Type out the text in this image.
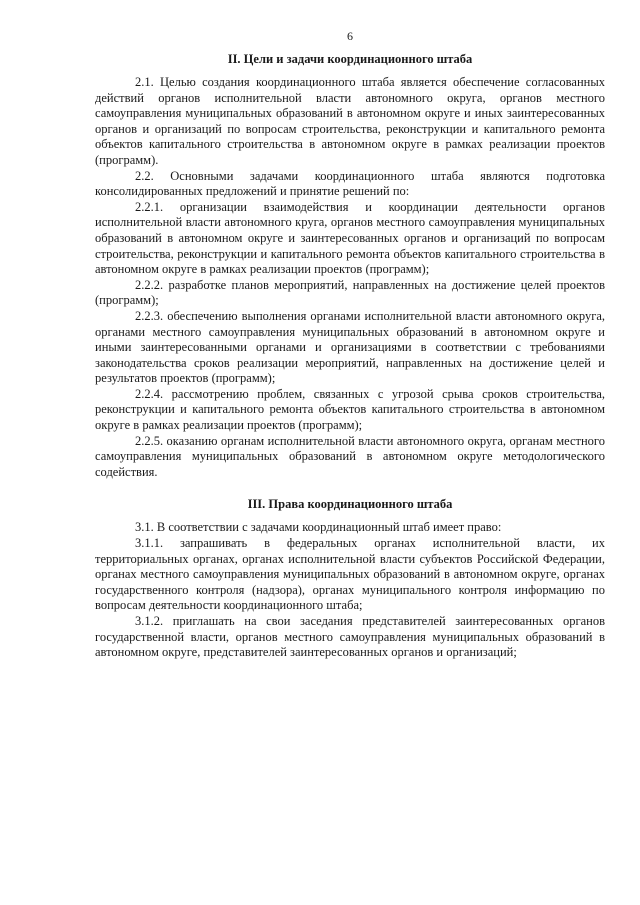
6
II. Цели и задачи координационного штаба

2.1. Целью создания координационного штаба является обеспечение согласованных действий органов исполнительной власти автономного округа, органов местного самоуправления муниципальных образований в автономном округе и иных заинтересованных органов и организаций по вопросам строительства, реконструкции и капитального ремонта объектов капитального строительства в автономном округе в рамках реализации проектов (программ).

2.2. Основными задачами координационного штаба являются подготовка консолидированных предложений и принятие решений по:

2.2.1. организации взаимодействия и координации деятельности органов исполнительной власти автономного круга, органов местного самоуправления муниципальных образований в автономном округе и заинтересованных органов и организаций по вопросам строительства, реконструкции и капитального ремонта объектов капитального строительства в автономном округе в рамках реализации проектов (программ);

2.2.2. разработке планов мероприятий, направленных на достижение целей проектов (программ);

2.2.3. обеспечению выполнения органами исполнительной власти автономного округа, органами местного самоуправления муниципальных образований в автономном округе и иными заинтересованными органами и организациями в соответствии с требованиями законодательства сроков реализации мероприятий, направленных на достижение целей и результатов проектов (программ);

2.2.4. рассмотрению проблем, связанных с угрозой срыва сроков строительства, реконструкции и капитального ремонта объектов капитального строительства в автономном округе в рамках реализации проектов (программ);

2.2.5. оказанию органам исполнительной власти автономного округа, органам местного самоуправления муниципальных образований в автономном округе методологического содействия.

III. Права координационного штаба

3.1. В соответствии с задачами координационный штаб имеет право:

3.1.1. запрашивать в федеральных органах исполнительной власти, их территориальных органах, органах исполнительной власти субъектов Российской Федерации, органах местного самоуправления муниципальных образований в автономном округе, органах государственного контроля (надзора), органах муниципального контроля информацию по вопросам деятельности координационного штаба;

3.1.2. приглашать на свои заседания представителей заинтересованных органов государственной власти, органов местного самоуправления муниципальных образований в автономном округе, представителей заинтересованных органов и организаций;
